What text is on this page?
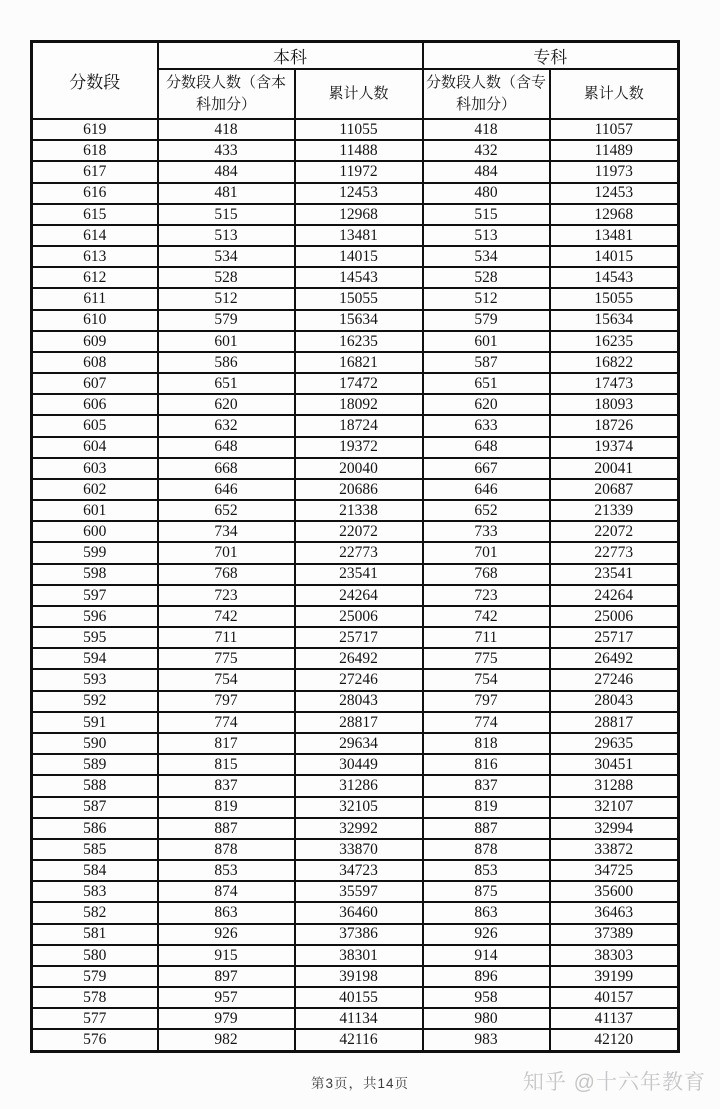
分数段	本科		专科	
	分数段人数（含本科加分）	累计人数	分数段人数（含专科加分）	累计人数
619	418	11055	418	11057
618	433	11488	432	11489
617	484	11972	484	11973
616	481	12453	480	12453
615	515	12968	515	12968
614	513	13481	513	13481
613	534	14015	534	14015
612	528	14543	528	14543
611	512	15055	512	15055
610	579	15634	579	15634
609	601	16235	601	16235
608	586	16821	587	16822
607	651	17472	651	17473
606	620	18092	620	18093
605	632	18724	633	18726
604	648	19372	648	19374
603	668	20040	667	20041
602	646	20686	646	20687
601	652	21338	652	21339
600	734	22072	733	22072
599	701	22773	701	22773
598	768	23541	768	23541
597	723	24264	723	24264
596	742	25006	742	25006
595	711	25717	711	25717
594	775	26492	775	26492
593	754	27246	754	27246
592	797	28043	797	28043
591	774	28817	774	28817
590	817	29634	818	29635
589	815	30449	816	30451
588	837	31286	837	31288
587	819	32105	819	32107
586	887	32992	887	32994
585	878	33870	878	33872
584	853	34723	853	34725
583	874	35597	875	35600
582	863	36460	863	36463
581	926	37386	926	37389
580	915	38301	914	38303
579	897	39198	896	39199
578	957	40155	958	40157
577	979	41134	980	41137
576	982	42116	983	42120
第3页，共14页	知乎 @十六年教育
